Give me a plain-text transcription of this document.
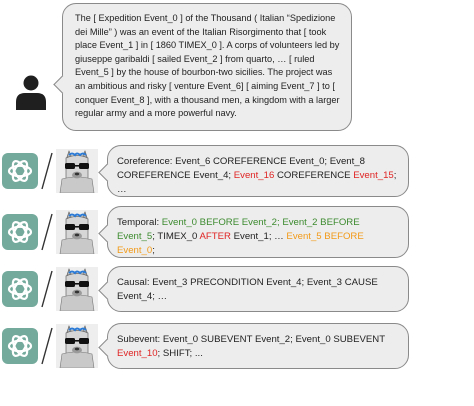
The [ Expedition Event_0 ] of the Thousand ( Italian “Spedizione dei Mille” ) was an event of the Italian Risorgimento that [ took place Event_1 ] in [ 1860 TIMEX_0 ]. A corps of volunteers led by giuseppe garibaldi [ sailed Event_2 ] from quarto, … [ ruled Event_5 ] by the house of bourbon-two sicilies. The project was an ambitious and risky [ venture Event_6] [ aiming Event_7 ] to [ conquer Event_8 ], with a thousand men, a kingdom with a larger regular army and a more powerful navy.
Coreference: Event_6 COREFERENCE Event_0; Event_8 COREFERENCE Event_4; Event_16 COREFERENCE Event_15; …
Temporal: Event_0 BEFORE Event_2; Event_2 BEFORE Event_5; TIMEX_0 AFTER Event_1; … Event_5 BEFORE Event_0;
Causal: Event_3 PRECONDITION Event_4; Event_3 CAUSE Event_4; …
Subevent: Event_0 SUBEVENT Event_2; Event_0 SUBEVENT Event_10; SHIFT; ...
